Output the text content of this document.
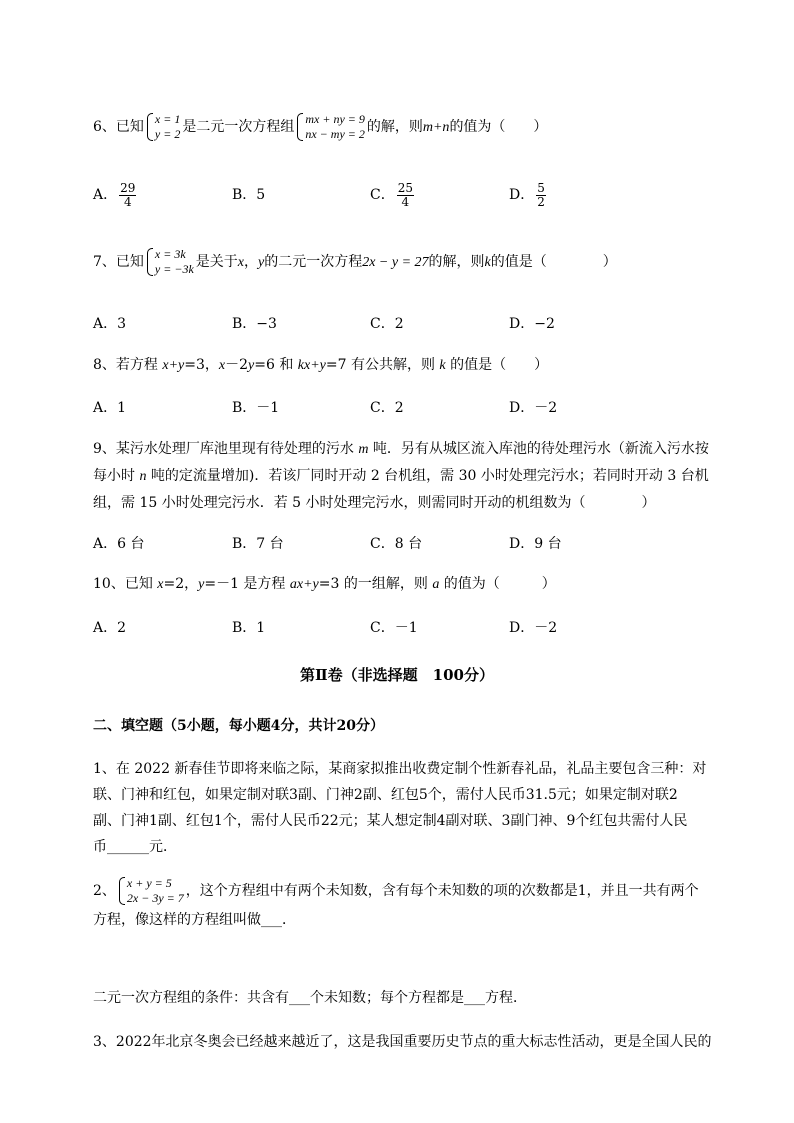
6、已知 x = 1
y = 2 是二元一次方程组 mx + ny = 9
nx − my = 2 的解，则m+n的值为（　　）
A． $\frac{29}{4}$	B．5	C． $\frac{25}{4}$	D． $\frac{5}{2}$
7、已知 x = 3k
y = −3k 是关于x，y的二元一次方程2x − y = 27的解，则k的值是（　　　　）
A．3	B．−3	C．2	D．−2
8、若方程 x+y=3，x－2y=6 和 kx+y=7 有公共解，则 k 的值是（　　）
A．1	B．－1	C．2	D．－2
9、某污水处理厂库池里现有待处理的污水 m 吨．另有从城区流入库池的待处理污水（新流入污水按
每小时 n 吨的定流量增加)．若该厂同时开动 2 台机组，需 30 小时处理完污水；若同时开动 3 台机
组，需 15 小时处理完污水．若 5 小时处理完污水，则需同时开动的机组数为（　　　　）
A．6 台	B．7 台	C．8 台	D．9 台
10、已知 x=2，y=－1 是方程 ax+y=3 的一组解，则 a 的值为（　　　）
A．2	B．1	C．－1	D．－2
第Ⅱ卷（非选择题　100分）
二、填空题（5小题，每小题4分，共计20分）
1、在 2022 新春佳节即将来临之际，某商家拟推出收费定制个性新春礼品，礼品主要包含三种：对
联、门神和红包，如果定制对联3副、门神2副、红包5个，需付人民币31.5元；如果定制对联2
副、门神1副、红包1个，需付人民币22元；某人想定制4副对联、3副门神、9个红包共需付人民
币______元．
2、 x + y = 5
2x − 3y = 7 ，这个方程组中有两个未知数，含有每个未知数的项的次数都是1，并且一共有两个
方程，像这样的方程组叫做___．
二元一次方程组的条件：共含有___个未知数；每个方程都是___方程．
3、2022年北京冬奥会已经越来越近了，这是我国重要历史节点的重大标志性活动，更是全国人民的
